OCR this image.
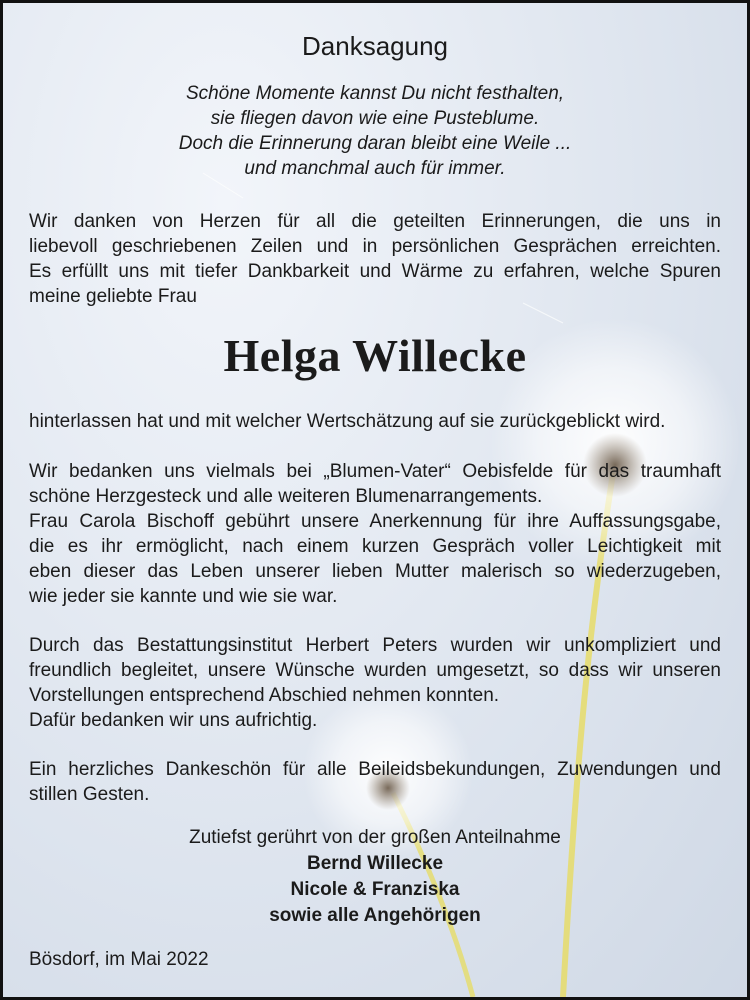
Danksagung
Schöne Momente kannst Du nicht festhalten,
sie fliegen davon wie eine Pusteblume.
Doch die Erinnerung daran bleibt eine Weile ...
und manchmal auch für immer.
Wir danken von Herzen für all die geteilten Erinnerungen, die uns in
liebevoll geschriebenen Zeilen und in persönlichen Gesprächen erreichten.
Es erfüllt uns mit tiefer Dankbarkeit und Wärme zu erfahren, welche Spuren
meine geliebte Frau
Helga Willecke
hinterlassen hat und mit welcher Wertschätzung auf sie zurückgeblickt wird.
Wir bedanken uns vielmals bei „Blumen-Vater“ Oebisfelde für das traumhaft
schöne Herzgesteck und alle weiteren Blumenarrangements.
Frau Carola Bischoff gebührt unsere Anerkennung für ihre Auffassungsgabe,
die es ihr ermöglicht, nach einem kurzen Gespräch voller Leichtigkeit mit
eben dieser das Leben unserer lieben Mutter malerisch so wiederzugeben,
wie jeder sie kannte und wie sie war.
Durch das Bestattungsinstitut Herbert Peters wurden wir unkompliziert und
freundlich begleitet, unsere Wünsche wurden umgesetzt, so dass wir unseren
Vorstellungen entsprechend Abschied nehmen konnten.
Dafür bedanken wir uns aufrichtig.
Ein herzliches Dankeschön für alle Beileidsbekundungen, Zuwendungen und
stillen Gesten.
Zutiefst gerührt von der großen Anteilnahme
Bernd Willecke
Nicole & Franziska
sowie alle Angehörigen
Bösdorf, im Mai 2022
